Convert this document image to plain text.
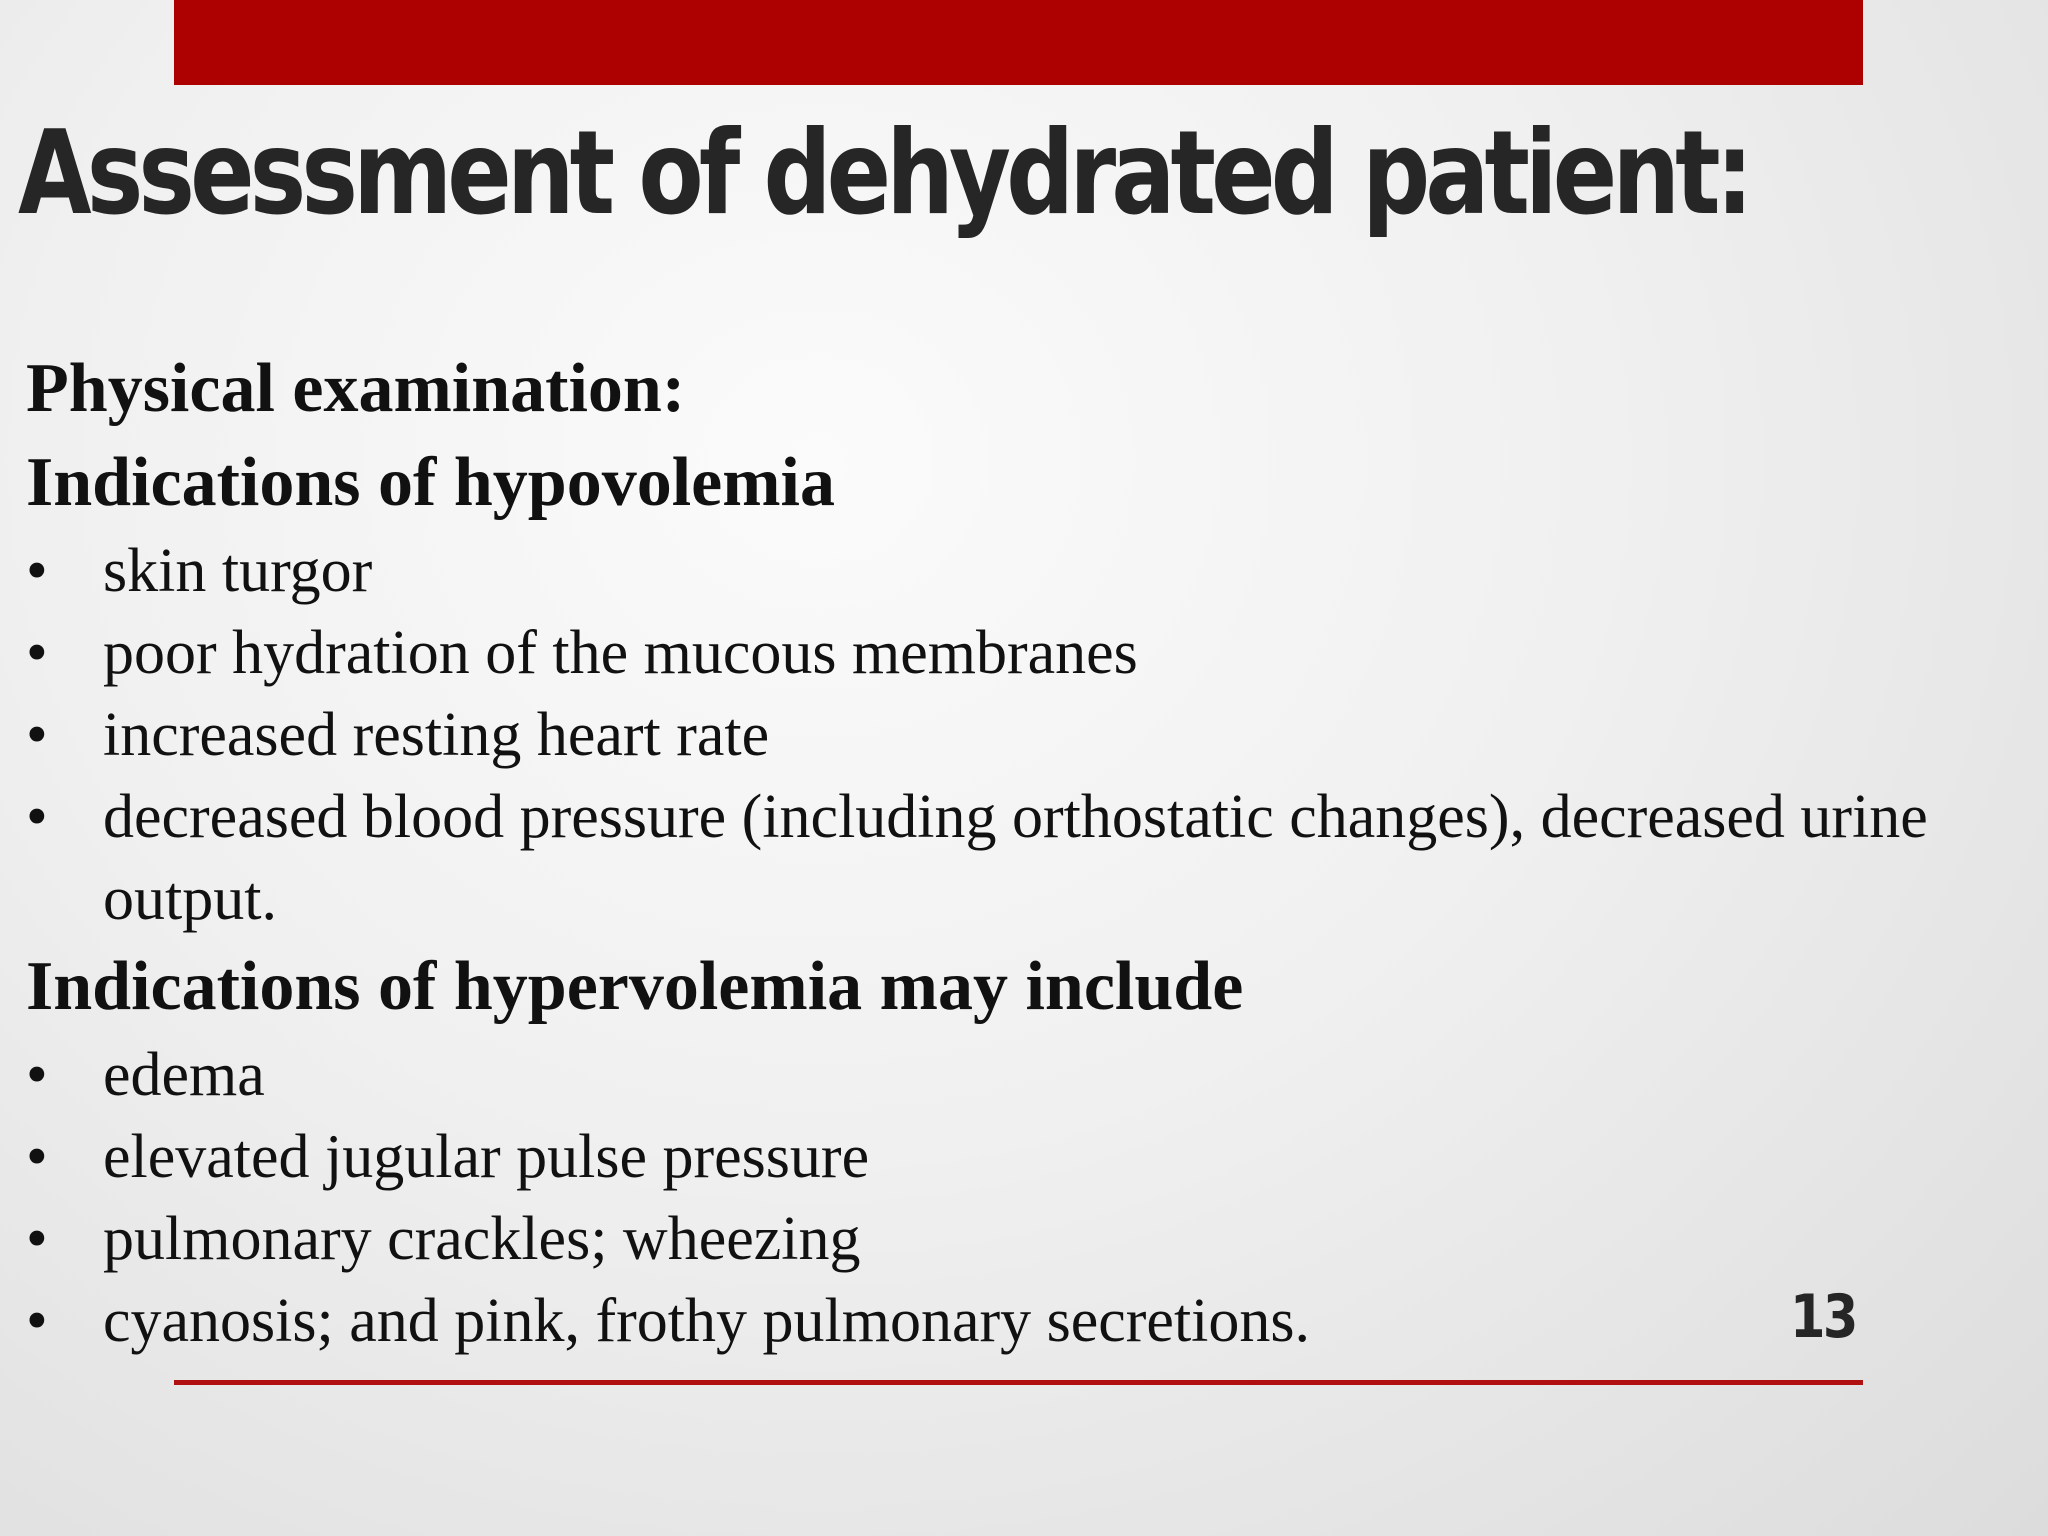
Assessment of dehydrated patient:

Physical examination:

Indications of hypovolemia

• skin turgor
• poor hydration of the mucous membranes
• increased resting heart rate
• decreased blood pressure (including orthostatic changes), decreased urine output.

Indications of hypervolemia may include

• edema
• elevated jugular pulse pressure
• pulmonary crackles; wheezing
• cyanosis; and pink, frothy pulmonary secretions.	13
